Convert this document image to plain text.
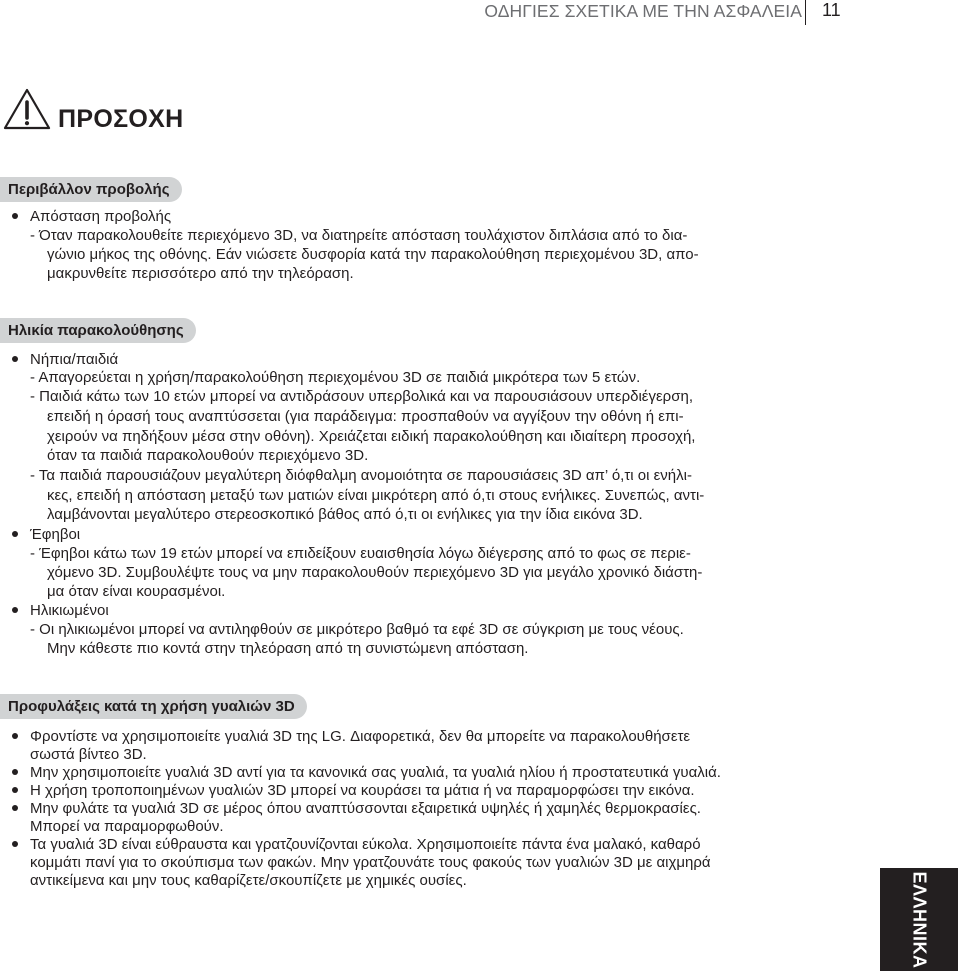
ΟΔΗΓΙΕΣ ΣΧΕΤΙΚΑ ΜΕ ΤΗΝ ΑΣΦΑΛΕΙΑ 11
ΠΡΟΣΟΧΗ
Περιβάλλον προβολής
Απόσταση προβολής
- Όταν παρακολουθείτε περιεχόμενο 3D, να διατηρείτε απόσταση τουλάχιστον διπλάσια από το δια-
γώνιο μήκος της οθόνης. Εάν νιώσετε δυσφορία κατά την παρακολούθηση περιεχομένου 3D, απο-
μακρυνθείτε περισσότερο από την τηλεόραση.
Ηλικία παρακολούθησης
Νήπια/παιδιά
- Απαγορεύεται η χρήση/παρακολούθηση περιεχομένου 3D σε παιδιά μικρότερα των 5 ετών.
- Παιδιά κάτω των 10 ετών μπορεί να αντιδράσουν υπερβολικά και να παρουσιάσουν υπερδιέγερση,
επειδή η όρασή τους αναπτύσσεται (για παράδειγμα: προσπαθούν να αγγίξουν την οθόνη ή επι-
χειρούν να πηδήξουν μέσα στην οθόνη). Χρειάζεται ειδική παρακολούθηση και ιδιαίτερη προσοχή,
όταν τα παιδιά παρακολουθούν περιεχόμενο 3D.
- Τα παιδιά παρουσιάζουν μεγαλύτερη διόφθαλμη ανομοιότητα σε παρουσιάσεις 3D απ’ ό,τι οι ενήλι-
κες, επειδή η απόσταση μεταξύ των ματιών είναι μικρότερη από ό,τι στους ενήλικες. Συνεπώς, αντι-
λαμβάνονται μεγαλύτερο στερεοσκοπικό βάθος από ό,τι οι ενήλικες για την ίδια εικόνα 3D.
Έφηβοι
- Έφηβοι κάτω των 19 ετών μπορεί να επιδείξουν ευαισθησία λόγω διέγερσης από το φως σε περιε-
χόμενο 3D. Συμβουλέψτε τους να μην παρακολουθούν περιεχόμενο 3D για μεγάλο χρονικό διάστη-
μα όταν είναι κουρασμένοι.
Ηλικιωμένοι
- Οι ηλικιωμένοι μπορεί να αντιληφθούν σε μικρότερο βαθμό τα εφέ 3D σε σύγκριση με τους νέους.
Μην κάθεστε πιο κοντά στην τηλεόραση από τη συνιστώμενη απόσταση.
Προφυλάξεις κατά τη χρήση γυαλιών 3D
Φροντίστε να χρησιμοποιείτε γυαλιά 3D της LG. Διαφορετικά, δεν θα μπορείτε να παρακολουθήσετε
σωστά βίντεο 3D.
Μην χρησιμοποιείτε γυαλιά 3D αντί για τα κανονικά σας γυαλιά, τα γυαλιά ηλίου ή προστατευτικά γυαλιά.
Η χρήση τροποποιημένων γυαλιών 3D μπορεί να κουράσει τα μάτια ή να παραμορφώσει την εικόνα.
Μην φυλάτε τα γυαλιά 3D σε μέρος όπου αναπτύσσονται εξαιρετικά υψηλές ή χαμηλές θερμοκρασίες.
Μπορεί να παραμορφωθούν.
Τα γυαλιά 3D είναι εύθραυστα και γρατζουνίζονται εύκολα. Χρησιμοποιείτε πάντα ένα μαλακό, καθαρό
κομμάτι πανί για το σκούπισμα των φακών. Μην γρατζουνάτε τους φακούς των γυαλιών 3D με αιχμηρά
αντικείμενα και μην τους καθαρίζετε/σκουπίζετε με χημικές ουσίες.	ΕΛΛΗΝΙΚΑ
